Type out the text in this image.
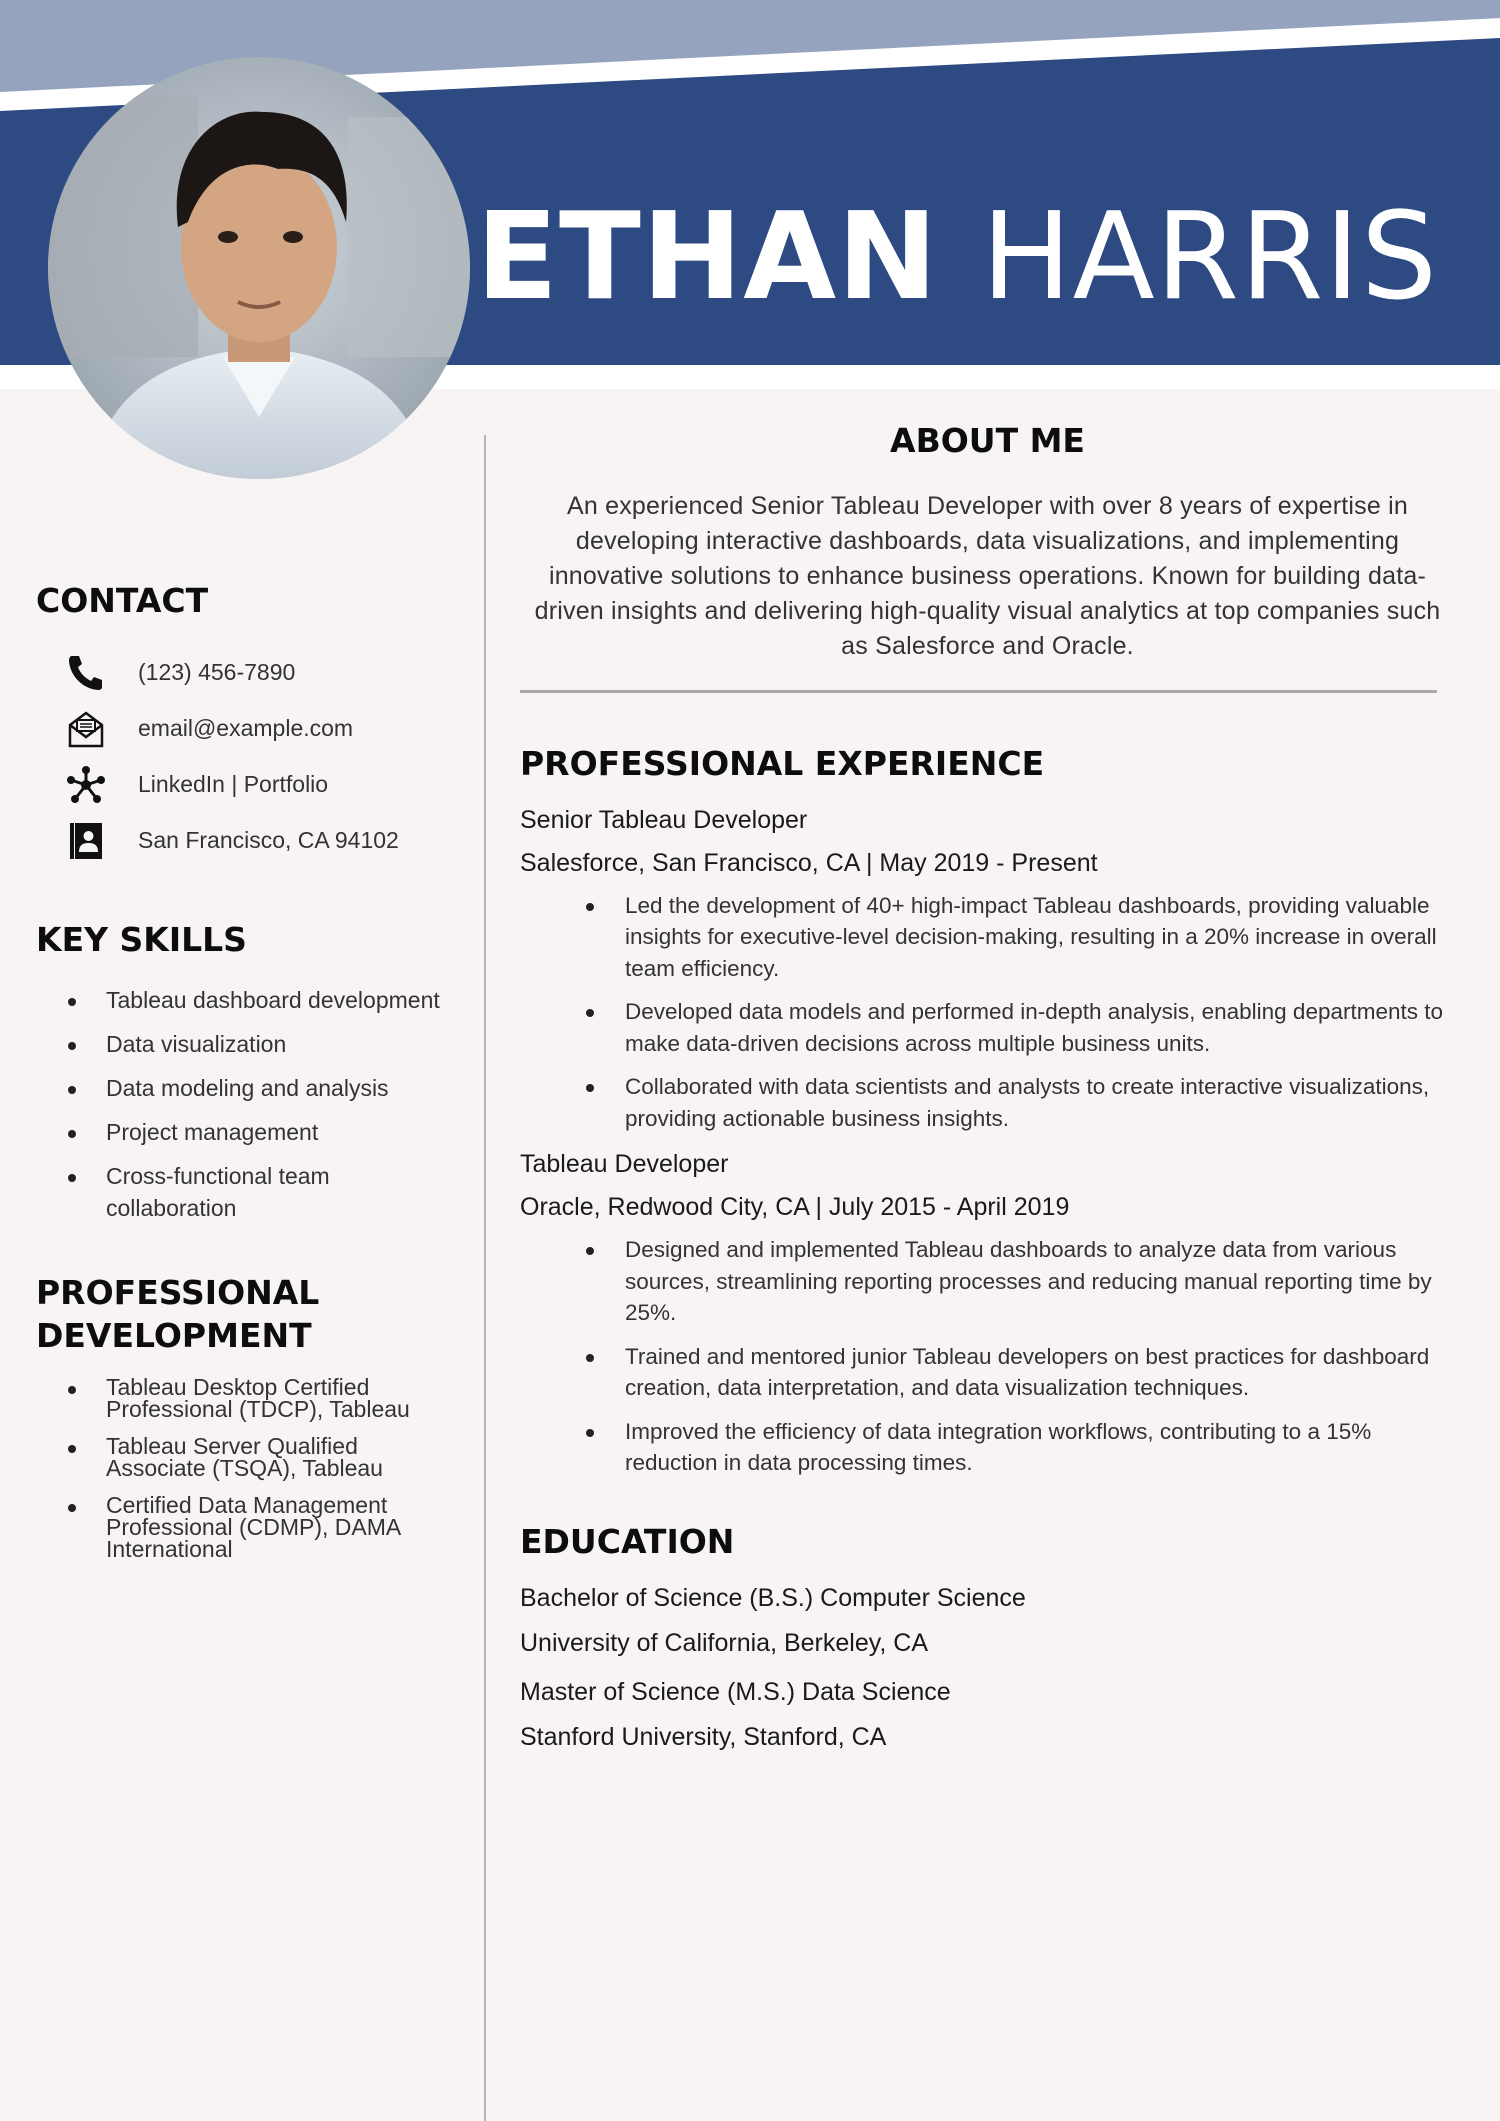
ETHAN HARRIS
CONTACT
(123) 456-7890
email@example.com
LinkedIn | Portfolio
San Francisco, CA 94102
KEY SKILLS
Tableau dashboard development
Data visualization
Data modeling and analysis
Project management
Cross-functional team collaboration
PROFESSIONAL DEVELOPMENT
Tableau Desktop Certified Professional (TDCP), Tableau
Tableau Server Qualified Associate (TSQA), Tableau
Certified Data Management Professional (CDMP), DAMA International
ABOUT ME

An experienced Senior Tableau Developer with over 8 years of expertise in developing interactive dashboards, data visualizations, and implementing innovative solutions to enhance business operations. Known for building data-driven insights and delivering high-quality visual analytics at top companies such as Salesforce and Oracle.

PROFESSIONAL EXPERIENCE

Senior Tableau Developer

Salesforce, San Francisco, CA | May 2019 - Present

Led the development of 40+ high-impact Tableau dashboards, providing valuable insights for executive-level decision-making, resulting in a 20% increase in overall team efficiency.
Developed data models and performed in-depth analysis, enabling departments to make data-driven decisions across multiple business units.
Collaborated with data scientists and analysts to create interactive visualizations, providing actionable business insights.

Tableau Developer

Oracle, Redwood City, CA | July 2015 - April 2019

Designed and implemented Tableau dashboards to analyze data from various sources, streamlining reporting processes and reducing manual reporting time by 25%.
Trained and mentored junior Tableau developers on best practices for dashboard creation, data interpretation, and data visualization techniques.
Improved the efficiency of data integration workflows, contributing to a 15% reduction in data processing times.
EDUCATION

Bachelor of Science (B.S.) Computer Science

University of California, Berkeley, CA

Master of Science (M.S.) Data Science

Stanford University, Stanford, CA
